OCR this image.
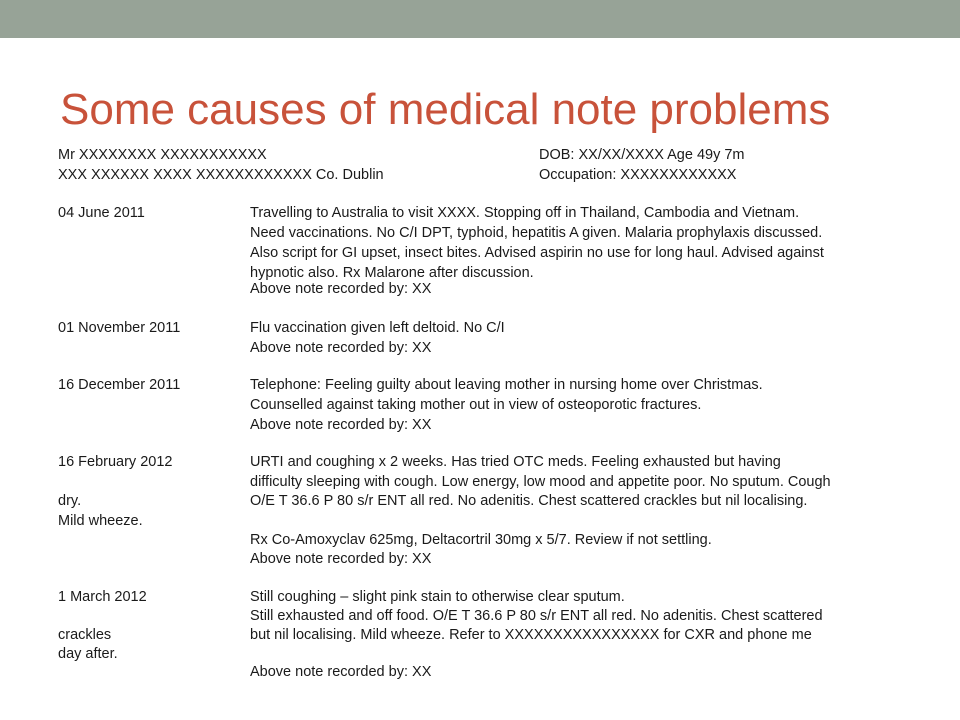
Some causes of medical note problems
Mr XXXXXXXX XXXXXXXXXXX	DOB: XX/XX/XXXX Age 49y 7m
XXX XXXXXX XXXX XXXXXXXXXXXX Co. Dublin	Occupation: XXXXXXXXXXXX
04 June 2011	Travelling to Australia to visit XXXX. Stopping off in Thailand, Cambodia and Vietnam.
Need vaccinations. No C/I DPT, typhoid, hepatitis A given. Malaria prophylaxis discussed.
Also script for GI upset, insect bites. Advised aspirin no use for long haul. Advised against
hypnotic also. Rx Malarone after discussion.
Above note recorded by: XX
01 November 2011	Flu vaccination given left deltoid. No C/I
Above note recorded by: XX
16 December 2011	Telephone: Feeling guilty about leaving mother in nursing home over Christmas.
Counselled against taking mother out in view of osteoporotic fractures.
Above note recorded by: XX
16 February 2012	URTI and coughing x 2 weeks. Has tried OTC meds. Feeling exhausted but having
difficulty sleeping with cough. Low energy, low mood and appetite poor. No sputum. Cough
dry.	O/E T 36.6 P 80 s/r ENT all red. No adenitis. Chest scattered crackles but nil localising.
Mild wheeze.
Rx Co-Amoxyclav 625mg, Deltacortril 30mg x 5/7. Review if not settling.
Above note recorded by: XX
1 March 2012	Still coughing – slight pink stain to otherwise clear sputum.
Still exhausted and off food. O/E T 36.6 P 80 s/r ENT all red. No adenitis. Chest scattered
crackles	but nil localising. Mild wheeze. Refer to XXXXXXXXXXXXXXXX for CXR and phone me
day after.
Above note recorded by: XX
